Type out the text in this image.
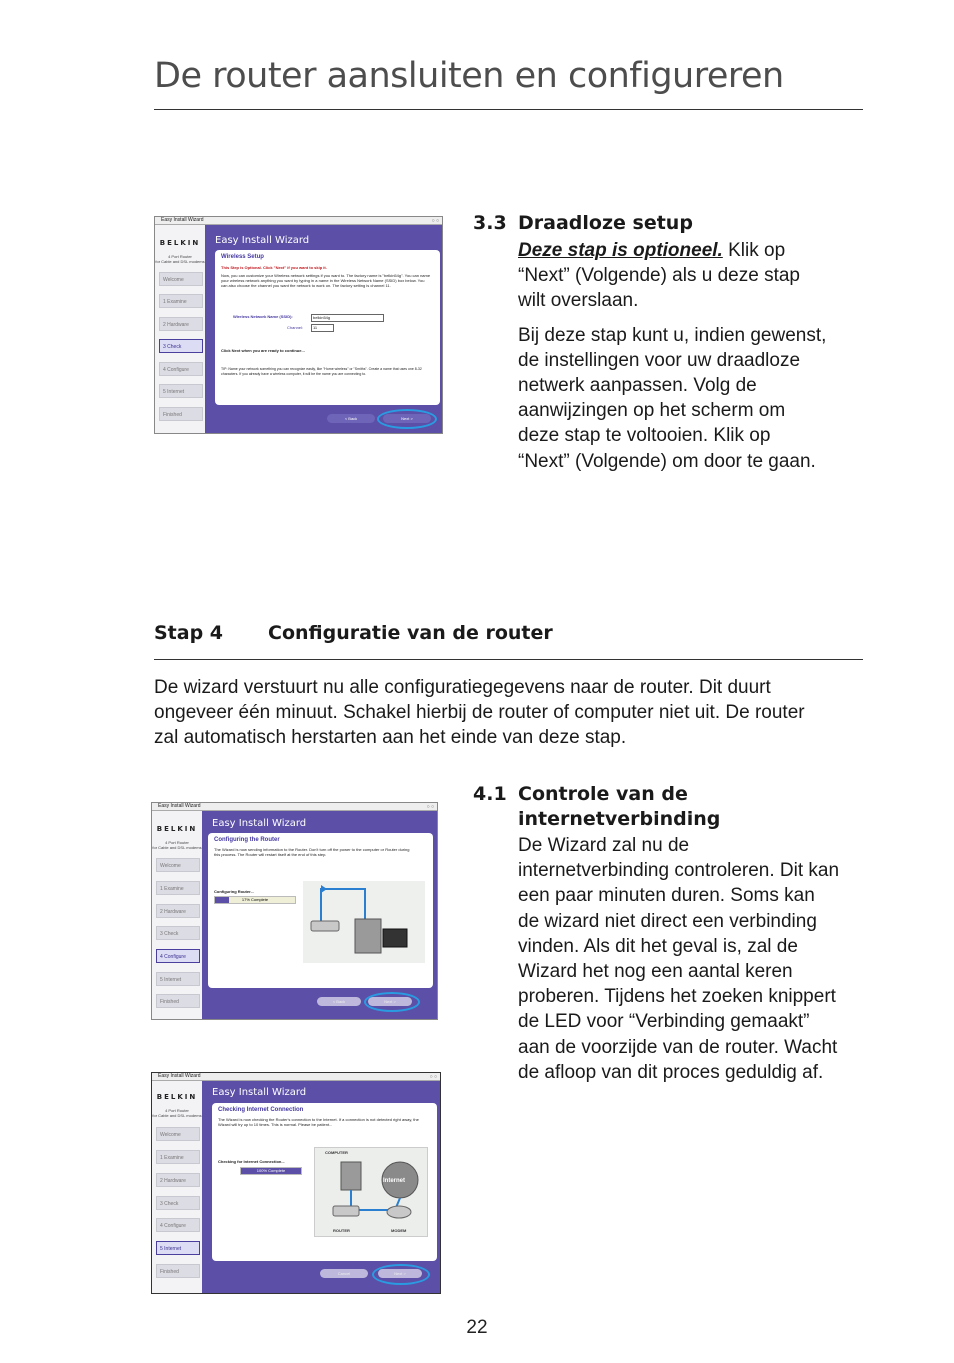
De router aansluiten en configureren
Easy Install Wizard	○ ○
BELKIN
4 Port Router
for Cable and DSL modems
Welcome
1 Examine
2 Hardware
3 Check
4 Configure
5 Internet
Finished
Easy Install Wizard
Wireless Setup
This Step is Optional. Click "Next" if you want to skip it.
Now, you can customize your Wireless network settings if you want to. The factory name is "belkin54g". You can name your wireless network anything you want by typing in a name in the Wireless Network Name (SSID) box below. You can also choose the channel you want the network to work on. The factory setting is channel 11.
Wireless Network Name (SSID):	belkin54g
Channel:	11
Click Next when you are ready to continue...
TIP: Name your network something you can recognize easily, like "Home wireless" or "Smiths". Create a name that uses one 8-32 characters. If you already have a wireless computer, it will be the name you are connecting to.
< Back	Next >
3.3 Draadloze setup

Deze stap is optioneel. Klik op

“Next” (Volgende) als u deze stap

wilt overslaan.

Bij deze stap kunt u, indien gewenst,

de instellingen voor uw draadloze

netwerk aanpassen. Volg de

aanwijzingen op het scherm om

deze stap te voltooien. Klik op

“Next” (Volgende) om door te gaan.

Stap 4 Configuratie van de router

De wizard verstuurt nu alle configuratiegegevens naar de router. Dit duurt

ongeveer één minuut. Schakel hierbij de router of computer niet uit. De router

zal automatisch herstarten aan het einde van deze stap.

Easy Install Wizard	○ ○
BELKIN
4 Port Router
for Cable and DSL modems
Welcome
1 Examine
2 Hardware
3 Check
4 Configure
5 Internet
Finished
Easy Install Wizard
Configuring the Router
The Wizard is now sending information to the Router. Don't turn off the power to the computer or Router during this process. The Router will restart itself at the end of this step.
Configuring Router...
17% Complete
< Back	Next >
4.1 Controle van de
internetverbinding

De Wizard zal nu de

internetverbinding controleren. Dit kan

een paar minuten duren. Soms kan

de wizard niet direct een verbinding

vinden. Als dit het geval is, zal de

Wizard het nog een aantal keren

proberen. Tijdens het zoeken knippert

de LED voor “Verbinding gemaakt”

aan de voorzijde van de router. Wacht

de afloop van dit proces geduldig af.

Easy Install Wizard	○ ○
BELKIN
4 Port Router
for Cable and DSL modems
Welcome
1 Examine
2 Hardware
3 Check
4 Configure
5 Internet
Finished
Easy Install Wizard
Checking Internet Connection
The Wizard is now checking the Router's connection to the Internet. If a connection is not detected right away, the Wizard will try up to 10 times. This is normal. Please be patient...
Checking for Internet Connection...
100% Complete
COMPUTER
Internet
ROUTER	MODEM
Cancel	Next >
22
